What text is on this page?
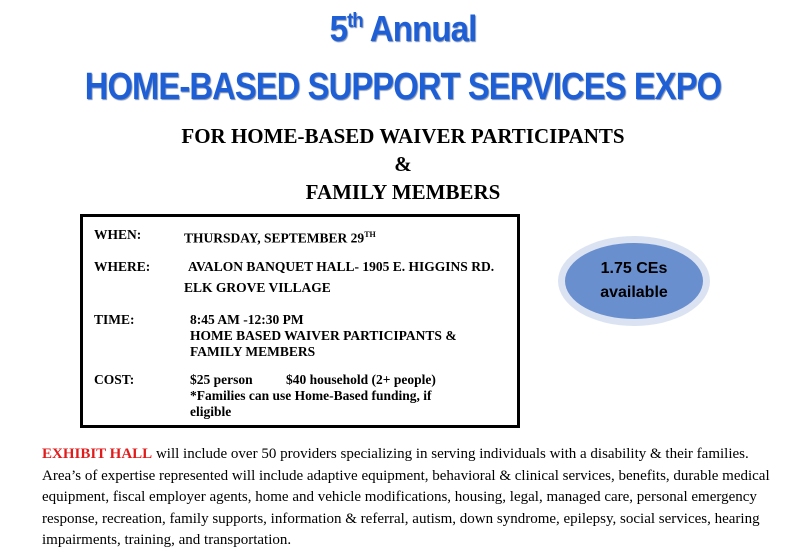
5th Annual
HOME-BASED SUPPORT SERVICES EXPO
FOR HOME-BASED WAIVER PARTICIPANTS
&
FAMILY MEMBERS
WHEN:	THURSDAY, SEPTEMBER 29TH
WHERE:	AVALON BANQUET HALL- 1905 E. HIGGINS RD.
ELK GROVE VILLAGE
TIME:	8:45 AM -12:30 PM
HOME BASED WAIVER PARTICIPANTS &
FAMILY MEMBERS
COST:	$25 person $40 household (2+ people)
*Families can use Home-Based funding, if
eligible
1.75 CEs
available
EXHIBIT HALL will include over 50 providers specializing in serving individuals with a disability & their families. Area’s of expertise represented will include adaptive equipment, behavioral & clinical services, benefits, durable medical equipment, fiscal employer agents, home and vehicle modifications, housing, legal, managed care, personal emergency response, recreation, family supports, information & referral, autism, down syndrome, epilepsy, social services, hearing impairments, training, and transportation.
